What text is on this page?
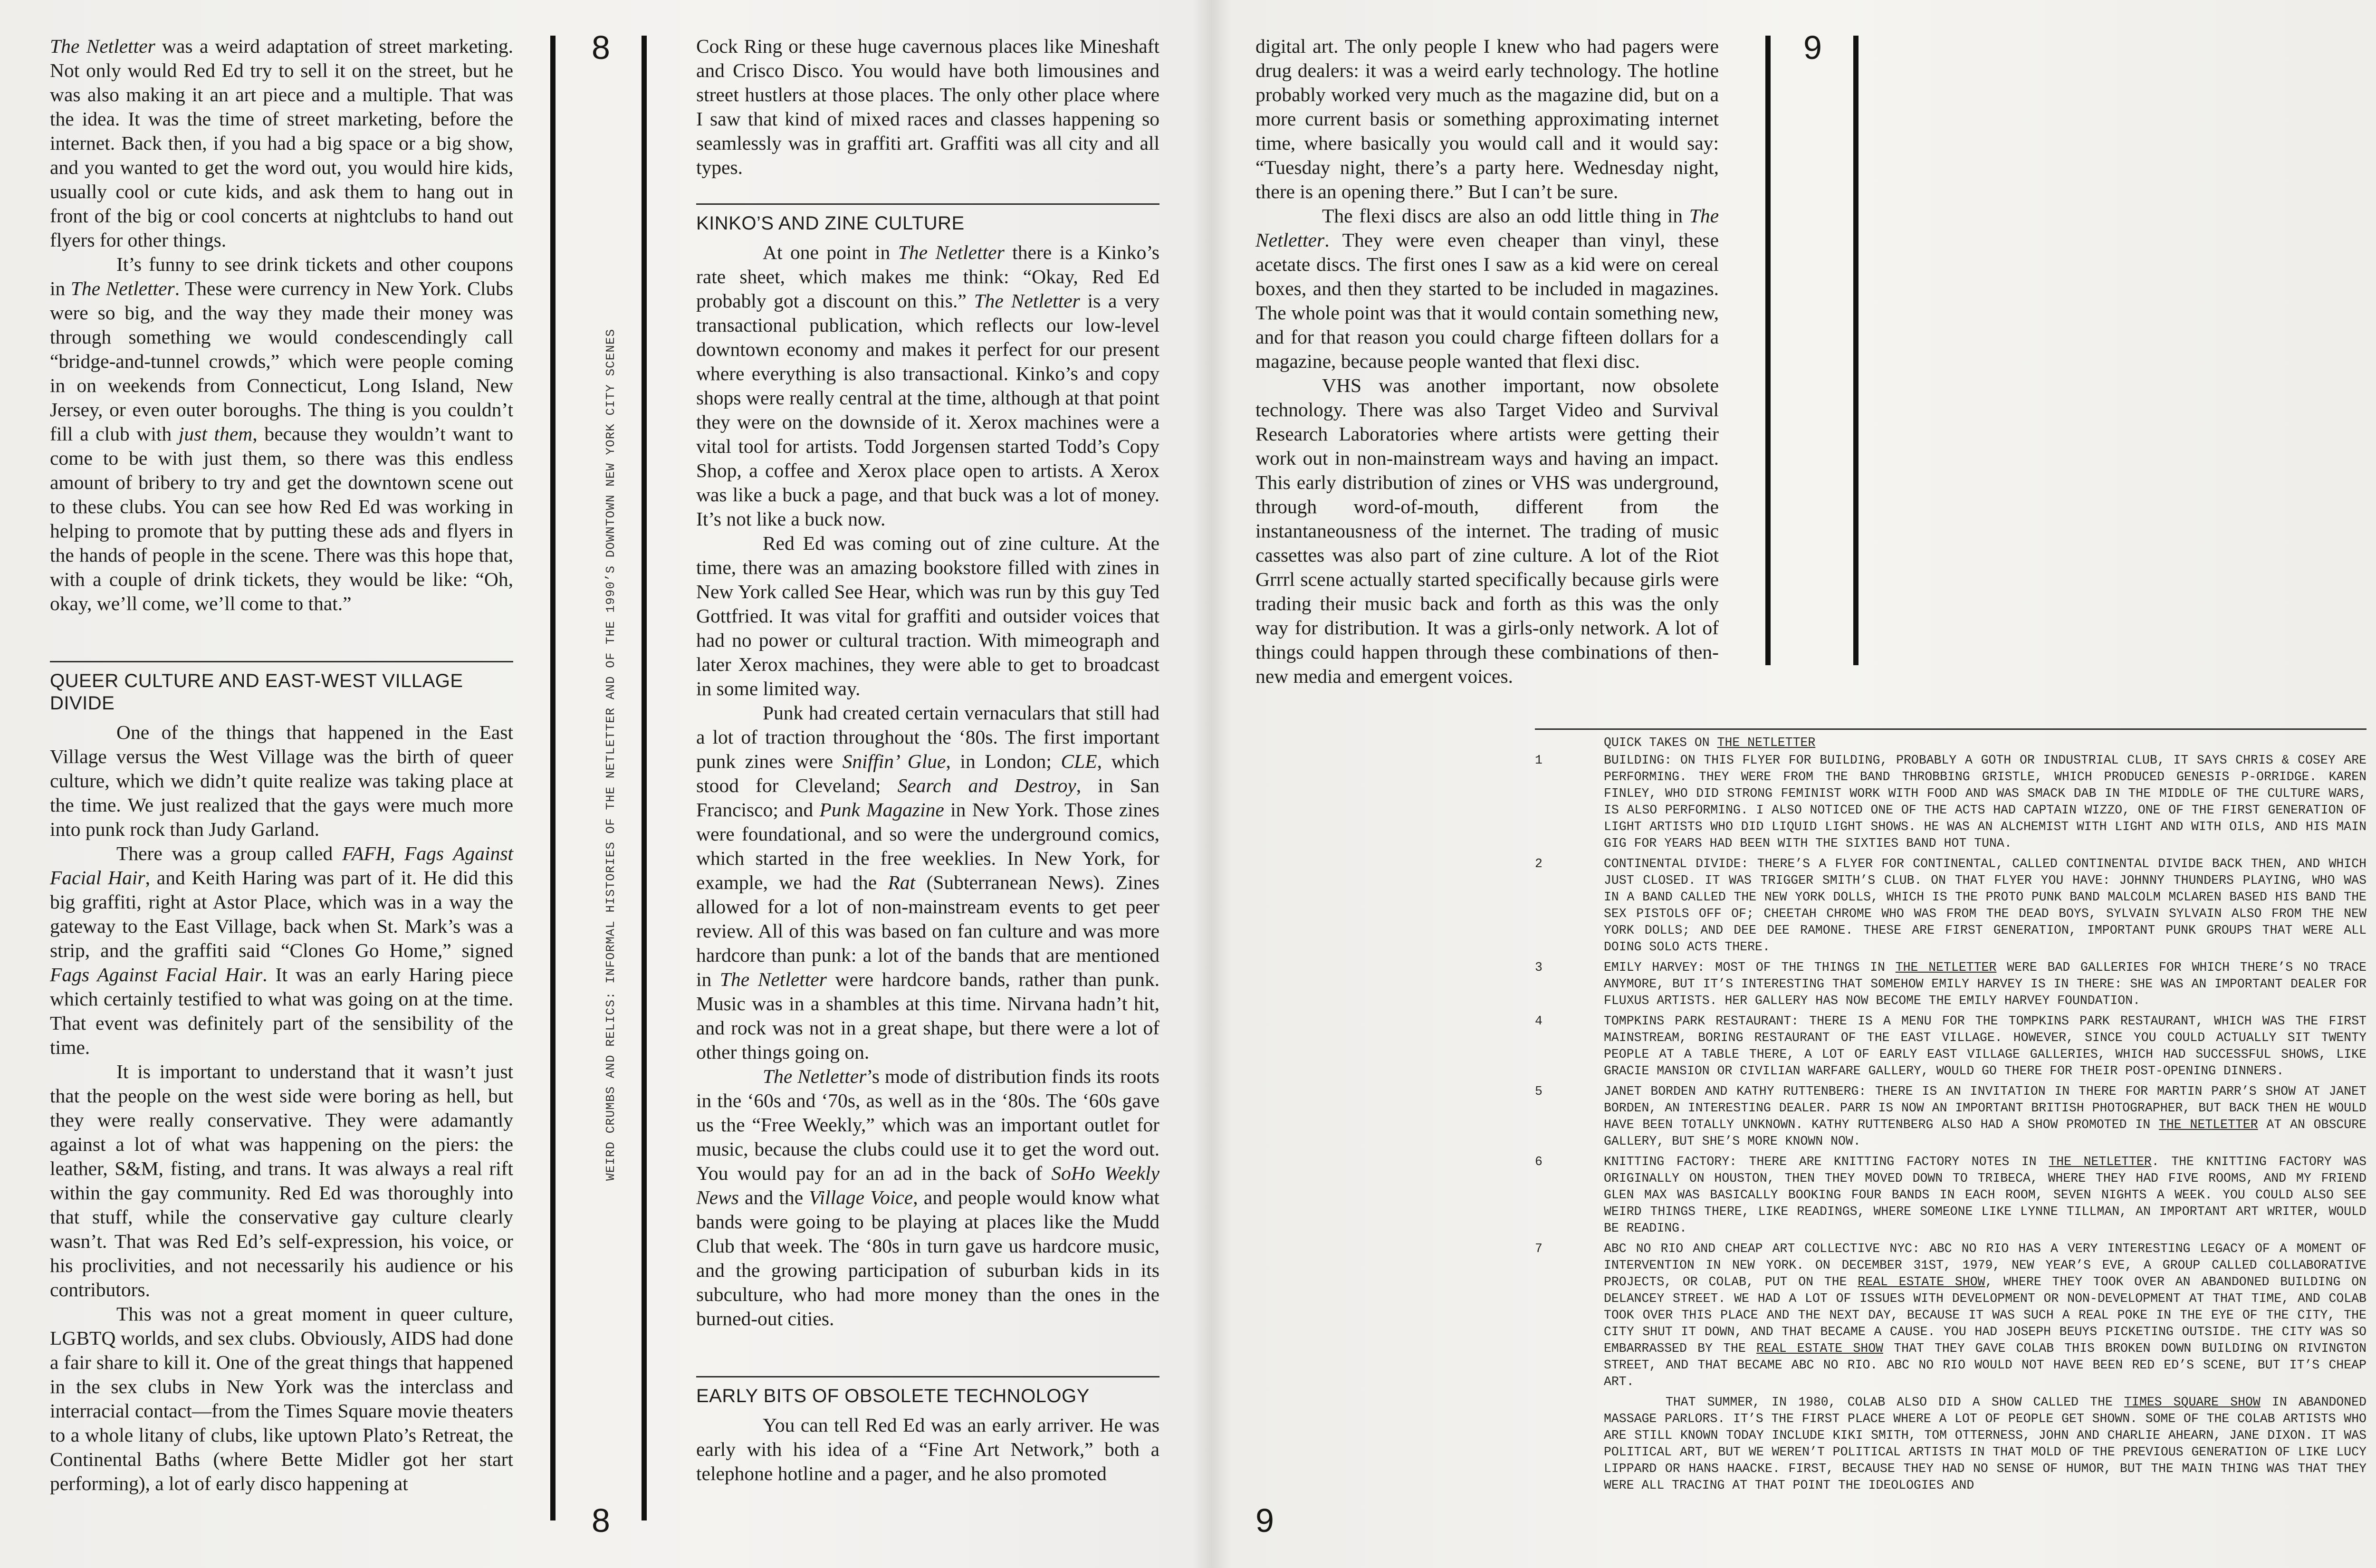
The Netletter was a weird adaptation of street marketing. Not only would Red Ed try to sell it on the street, but he was also making it an art piece and a multiple. That was the idea. It was the time of street marketing, before the internet. Back then, if you had a big space or a big show, and you wanted to get the word out, you would hire kids, usually cool or cute kids, and ask them to hang out in front of the big or cool concerts at nightclubs to hand out flyers for other things.

It’s funny to see drink tickets and other coupons in The Netletter. These were currency in New York. Clubs were so big, and the way they made their money was through something we would condescendingly call “bridge-and-tunnel crowds,” which were people coming in on weekends from Connecticut, Long Island, New Jersey, or even outer boroughs. The thing is you couldn’t fill a club with just them, because they wouldn’t want to come to be with just them, so there was this endless amount of bribery to try and get the downtown scene out to these clubs. You can see how Red Ed was working in helping to promote that by putting these ads and flyers in the hands of people in the scene. There was this hope that, with a couple of drink tickets, they would be like: “Oh, okay, we’ll come, we’ll come to that.”

QUEER CULTURE AND EAST-WEST VILLAGE DIVIDE

One of the things that happened in the East Village versus the West Village was the birth of queer culture, which we didn’t quite realize was taking place at the time. We just realized that the gays were much more into punk rock than Judy Garland.

There was a group called FAFH, Fags Against Facial Hair, and Keith Haring was part of it. He did this big graffiti, right at Astor Place, which was in a way the gateway to the East Village, back when St. Mark’s was a strip, and the graffiti said “Clones Go Home,” signed Fags Against Facial Hair. It was an early Haring piece which certainly testified to what was going on at the time. That event was definitely part of the sensibility of the time.

It is important to understand that it wasn’t just that the people on the west side were boring as hell, but they were really conservative. They were adamantly against a lot of what was happening on the piers: the leather, S&M, fisting, and trans. It was always a real rift within the gay community. Red Ed was thoroughly into that stuff, while the conservative gay culture clearly wasn’t. That was Red Ed’s self-expression, his voice, or his proclivities, and not necessarily his audience or his contributors.

This was not a great moment in queer culture, LGBTQ worlds, and sex clubs. Obviously, AIDS had done a fair share to kill it. One of the great things that happened in the sex clubs in New York was the interclass and interracial contact—from the Times Square movie theaters to a whole litany of clubs, like uptown Plato’s Retreat, the Continental Baths (where Bette Midler got her start performing), a lot of early disco happening at

8
8
WEIRD CRUMBS AND RELICS: INFORMAL HISTORIES OF THE NETLETTER AND OF THE 1990’S DOWNTOWN NEW YORK CITY SCENES

Cock Ring or these huge cavernous places like Mineshaft and Crisco Disco. You would have both limousines and street hustlers at those places. The only other place where I saw that kind of mixed races and classes happening so seamlessly was in graffiti art. Graffiti was all city and all types.

KINKO’S AND ZINE CULTURE

At one point in The Netletter there is a Kinko’s rate sheet, which makes me think: “Okay, Red Ed probably got a discount on this.” The Netletter is a very transactional publication, which reflects our low-level downtown economy and makes it perfect for our present where everything is also transactional. Kinko’s and copy shops were really central at the time, although at that point they were on the downside of it. Xerox machines were a vital tool for artists. Todd Jorgensen started Todd’s Copy Shop, a coffee and Xerox place open to artists. A Xerox was like a buck a page, and that buck was a lot of money. It’s not like a buck now.

Red Ed was coming out of zine culture. At the time, there was an amazing bookstore filled with zines in New York called See Hear, which was run by this guy Ted Gottfried. It was vital for graffiti and outsider voices that had no power or cultural traction. With mimeograph and later Xerox machines, they were able to get to broadcast in some limited way.

Punk had created certain vernaculars that still had a lot of traction throughout the ‘80s. The first important punk zines were Sniffin’ Glue, in London; CLE, which stood for Cleveland; Search and Destroy, in San Francisco; and Punk Magazine in New York. Those zines were foundational, and so were the underground comics, which started in the free weeklies. In New York, for example, we had the Rat (Subterranean News). Zines allowed for a lot of non-mainstream events to get peer review. All of this was based on fan culture and was more hardcore than punk: a lot of the bands that are mentioned in The Netletter were hardcore bands, rather than punk. Music was in a shambles at this time. Nirvana hadn’t hit, and rock was not in a great shape, but there were a lot of other things going on.

The Netletter’s mode of distribution finds its roots in the ‘60s and ‘70s, as well as in the ‘80s. The ‘60s gave us the “Free Weekly,” which was an important outlet for music, because the clubs could use it to get the word out. You would pay for an ad in the back of SoHo Weekly News and the Village Voice, and people would know what bands were going to be playing at places like the Mudd Club that week. The ‘80s in turn gave us hardcore music, and the growing participation of suburban kids in its subculture, who had more money than the ones in the burned-out cities.

EARLY BITS OF OBSOLETE TECHNOLOGY

You can tell Red Ed was an early arriver. He was early with his idea of a “Fine Art Network,” both a telephone hotline and a pager, and he also promoted

digital art. The only people I knew who had pagers were drug dealers: it was a weird early technology. The hotline probably worked very much as the magazine did, but on a more current basis or something approximating internet time, where basically you would call and it would say: “Tuesday night, there’s a party here. Wednesday night, there is an opening there.” But I can’t be sure.

The flexi discs are also an odd little thing in The Netletter. They were even cheaper than vinyl, these acetate discs. The first ones I saw as a kid were on cereal boxes, and then they started to be included in magazines. The whole point was that it would contain something new, and for that reason you could charge fifteen dollars for a magazine, because people wanted that flexi disc.

VHS was another important, now obsolete technology. There was also Target Video and Survival Research Laboratories where artists were getting their work out in non-mainstream ways and having an impact. This early distribution of zines or VHS was underground, through word-of-mouth, different from the instantaneousness of the internet. The trading of music cassettes was also part of zine culture. A lot of the Riot Grrrl scene actually started specifically because girls were trading their music back and forth as this was the only way for distribution. It was a girls-only network. A lot of things could happen through these combinations of then-new media and emergent voices.

9
9
QUICK TAKES ON THE NETLETTER
1	BUILDING: ON THIS FLYER FOR BUILDING, PROBABLY A GOTH OR INDUSTRIAL CLUB, IT SAYS CHRIS & COSEY ARE PERFORMING. THEY WERE FROM THE BAND THROBBING GRISTLE, WHICH PRODUCED GENESIS P-ORRIDGE. KAREN FINLEY, WHO DID STRONG FEMINIST WORK WITH FOOD AND WAS SMACK DAB IN THE MIDDLE OF THE CULTURE WARS, IS ALSO PERFORMING. I ALSO NOTICED ONE OF THE ACTS HAD CAPTAIN WIZZO, ONE OF THE FIRST GENERATION OF LIGHT ARTISTS WHO DID LIQUID LIGHT SHOWS. HE WAS AN ALCHEMIST WITH LIGHT AND WITH OILS, AND HIS MAIN GIG FOR YEARS HAD BEEN WITH THE SIXTIES BAND HOT TUNA.
2	CONTINENTAL DIVIDE: THERE’S A FLYER FOR CONTINENTAL, CALLED CONTINENTAL DIVIDE BACK THEN, AND WHICH JUST CLOSED. IT WAS TRIGGER SMITH’S CLUB. ON THAT FLYER YOU HAVE: JOHNNY THUNDERS PLAYING, WHO WAS IN A BAND CALLED THE NEW YORK DOLLS, WHICH IS THE PROTO PUNK BAND MALCOLM MCLAREN BASED HIS BAND THE SEX PISTOLS OFF OF; CHEETAH CHROME WHO WAS FROM THE DEAD BOYS, SYLVAIN SYLVAIN ALSO FROM THE NEW YORK DOLLS; AND DEE DEE RAMONE. THESE ARE FIRST GENERATION, IMPORTANT PUNK GROUPS THAT WERE ALL DOING SOLO ACTS THERE.
3	EMILY HARVEY: MOST OF THE THINGS IN THE NETLETTER WERE BAD GALLERIES FOR WHICH THERE’S NO TRACE ANYMORE, BUT IT’S INTERESTING THAT SOMEHOW EMILY HARVEY IS IN THERE: SHE WAS AN IMPORTANT DEALER FOR FLUXUS ARTISTS. HER GALLERY HAS NOW BECOME THE EMILY HARVEY FOUNDATION.
4	TOMPKINS PARK RESTAURANT: THERE IS A MENU FOR THE TOMPKINS PARK RESTAURANT, WHICH WAS THE FIRST MAINSTREAM, BORING RESTAURANT OF THE EAST VILLAGE. HOWEVER, SINCE YOU COULD ACTUALLY SIT TWENTY PEOPLE AT A TABLE THERE, A LOT OF EARLY EAST VILLAGE GALLERIES, WHICH HAD SUCCESSFUL SHOWS, LIKE GRACIE MANSION OR CIVILIAN WARFARE GALLERY, WOULD GO THERE FOR THEIR POST-OPENING DINNERS.
5	JANET BORDEN AND KATHY RUTTENBERG: THERE IS AN INVITATION IN THERE FOR MARTIN PARR’S SHOW AT JANET BORDEN, AN INTERESTING DEALER. PARR IS NOW AN IMPORTANT BRITISH PHOTOGRAPHER, BUT BACK THEN HE WOULD HAVE BEEN TOTALLY UNKNOWN. KATHY RUTTENBERG ALSO HAD A SHOW PROMOTED IN THE NETLETTER AT AN OBSCURE GALLERY, BUT SHE’S MORE KNOWN NOW.
6	KNITTING FACTORY: THERE ARE KNITTING FACTORY NOTES IN THE NETLETTER. THE KNITTING FACTORY WAS ORIGINALLY ON HOUSTON, THEN THEY MOVED DOWN TO TRIBECA, WHERE THEY HAD FIVE ROOMS, AND MY FRIEND GLEN MAX WAS BASICALLY BOOKING FOUR BANDS IN EACH ROOM, SEVEN NIGHTS A WEEK. YOU COULD ALSO SEE WEIRD THINGS THERE, LIKE READINGS, WHERE SOMEONE LIKE LYNNE TILLMAN, AN IMPORTANT ART WRITER, WOULD BE READING.
7	ABC NO RIO AND CHEAP ART COLLECTIVE NYC: ABC NO RIO HAS A VERY INTERESTING LEGACY OF A MOMENT OF INTERVENTION IN NEW YORK. ON DECEMBER 31ST, 1979, NEW YEAR’S EVE, A GROUP CALLED COLLABORATIVE PROJECTS, OR COLAB, PUT ON THE REAL ESTATE SHOW, WHERE THEY TOOK OVER AN ABANDONED BUILDING ON DELANCEY STREET. WE HAD A LOT OF ISSUES WITH DEVELOPMENT OR NON-DEVELOPMENT AT THAT TIME, AND COLAB TOOK OVER THIS PLACE AND THE NEXT DAY, BECAUSE IT WAS SUCH A REAL POKE IN THE EYE OF THE CITY, THE CITY SHUT IT DOWN, AND THAT BECAME A CAUSE. YOU HAD JOSEPH BEUYS PICKETING OUTSIDE. THE CITY WAS SO EMBARRASSED BY THE REAL ESTATE SHOW THAT THEY GAVE COLAB THIS BROKEN DOWN BUILDING ON RIVINGTON STREET, AND THAT BECAME ABC NO RIO. ABC NO RIO WOULD NOT HAVE BEEN RED ED’S SCENE, BUT IT’S CHEAP ART.
THAT SUMMER, IN 1980, COLAB ALSO DID A SHOW CALLED THE TIMES SQUARE SHOW IN ABANDONED MASSAGE PARLORS. IT’S THE FIRST PLACE WHERE A LOT OF PEOPLE GET SHOWN. SOME OF THE COLAB ARTISTS WHO ARE STILL KNOWN TODAY INCLUDE KIKI SMITH, TOM OTTERNESS, JOHN AND CHARLIE AHEARN, JANE DIXON. IT WAS POLITICAL ART, BUT WE WEREN’T POLITICAL ARTISTS IN THAT MOLD OF THE PREVIOUS GENERATION OF LIKE LUCY LIPPARD OR HANS HAACKE. FIRST, BECAUSE THEY HAD NO SENSE OF HUMOR, BUT THE MAIN THING WAS THAT THEY WERE ALL TRACING AT THAT POINT THE IDEOLOGIES AND
